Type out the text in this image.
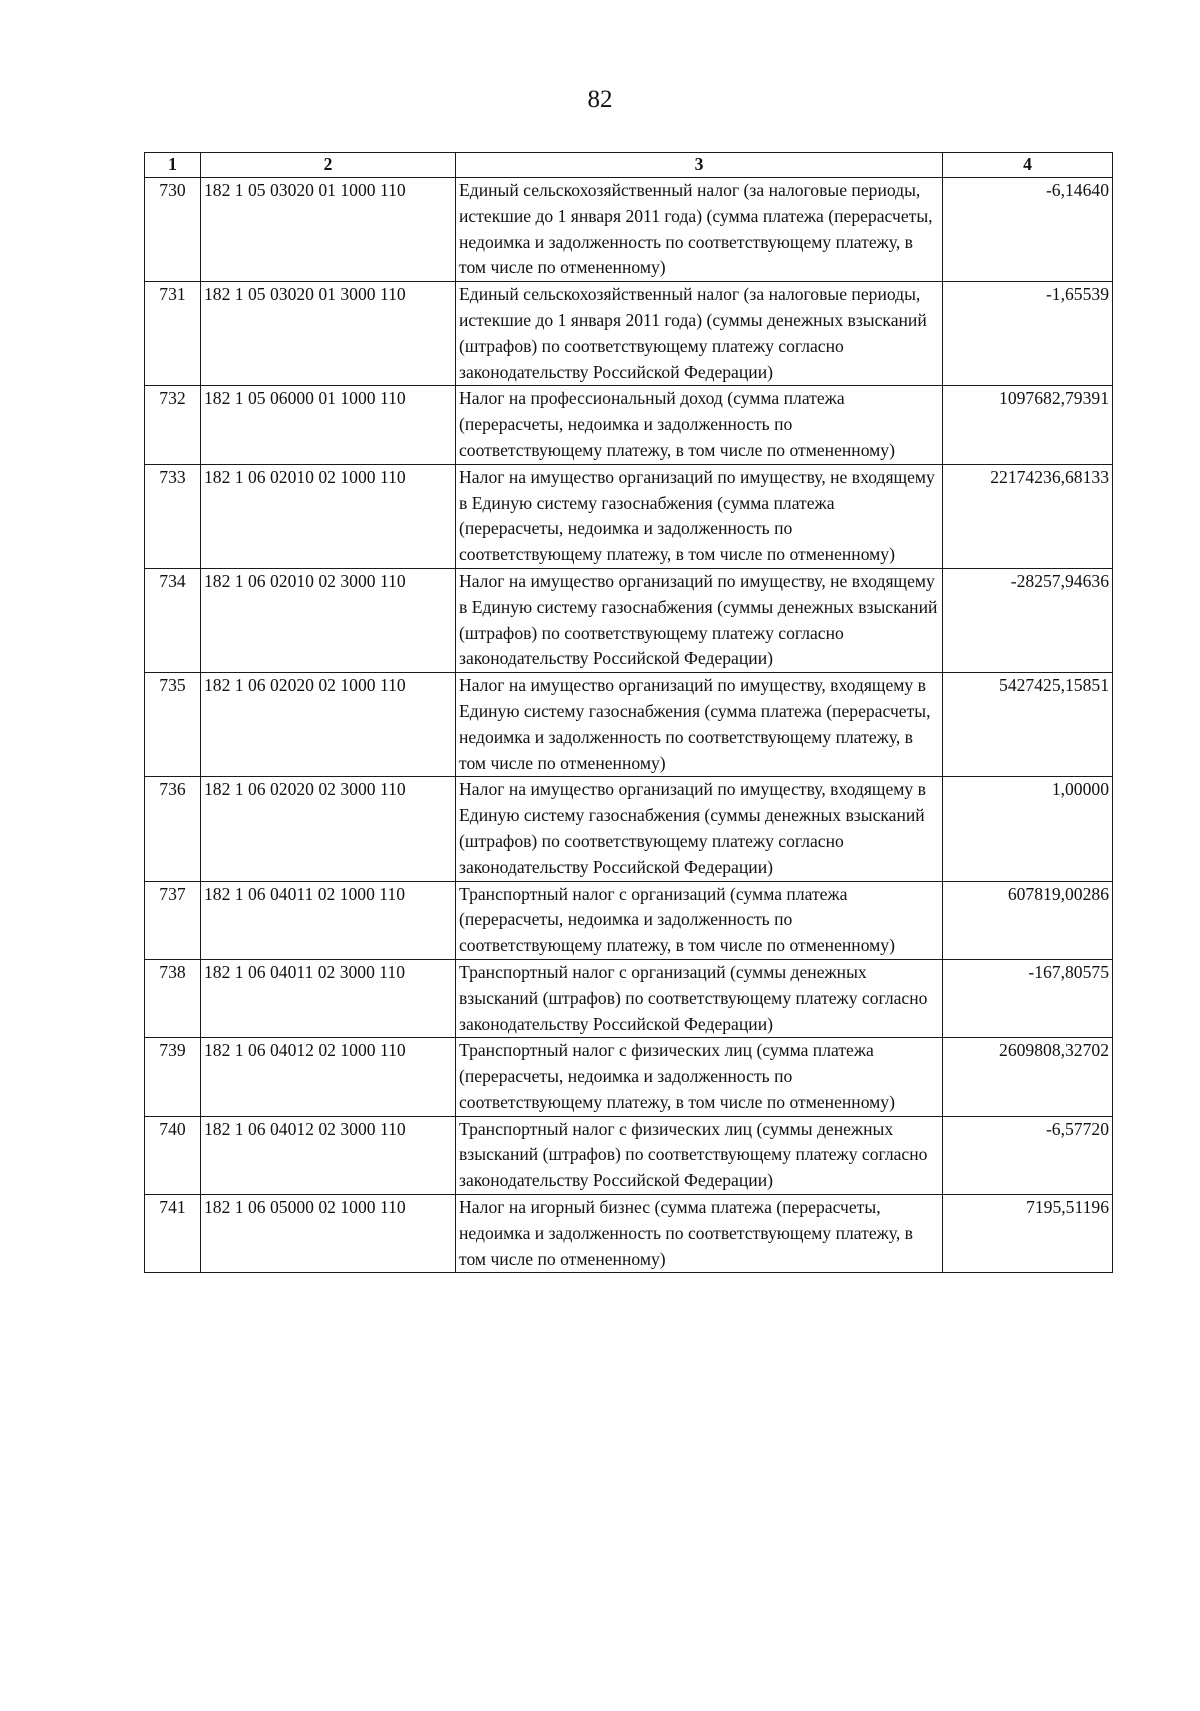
82
1	2	3	4
730	182 1 05 03020 01 1000 110	Единый сельскохозяйственный налог (за налоговые периоды, истекшие до 1 января 2011 года) (сумма платежа (перерасчеты, недоимка и задолженность по соответствующему платежу, в том числе по отмененному)	-6,14640
731	182 1 05 03020 01 3000 110	Единый сельскохозяйственный налог (за налоговые периоды, истекшие до 1 января 2011 года) (суммы денежных взысканий (штрафов) по соответствующему платежу согласно законодательству Российской Федерации)	-1,65539
732	182 1 05 06000 01 1000 110	Налог на профессиональный доход (сумма платежа (перерасчеты, недоимка и задолженность по соответствующему платежу, в том числе по отмененному)	1097682,79391
733	182 1 06 02010 02 1000 110	Налог на имущество организаций по имуществу, не входящему в Единую систему газоснабжения (сумма платежа (перерасчеты, недоимка и задолженность по соответствующему платежу, в том числе по отмененному)	22174236,68133
734	182 1 06 02010 02 3000 110	Налог на имущество организаций по имуществу, не входящему в Единую систему газоснабжения (суммы денежных взысканий (штрафов) по соответствующему платежу согласно законодательству Российской Федерации)	-28257,94636
735	182 1 06 02020 02 1000 110	Налог на имущество организаций по имуществу, входящему в Единую систему газоснабжения (сумма платежа (перерасчеты, недоимка и задолженность по соответствующему платежу, в том числе по отмененному)	5427425,15851
736	182 1 06 02020 02 3000 110	Налог на имущество организаций по имуществу, входящему в Единую систему газоснабжения (суммы денежных взысканий (штрафов) по соответствующему платежу согласно законодательству Российской Федерации)	1,00000
737	182 1 06 04011 02 1000 110	Транспортный налог с организаций (сумма платежа (перерасчеты, недоимка и задолженность по соответствующему платежу, в том числе по отмененному)	607819,00286
738	182 1 06 04011 02 3000 110	Транспортный налог с организаций (суммы денежных взысканий (штрафов) по соответствующему платежу согласно законодательству Российской Федерации)	-167,80575
739	182 1 06 04012 02 1000 110	Транспортный налог с физических лиц (сумма платежа (перерасчеты, недоимка и задолженность по соответствующему платежу, в том числе по отмененному)	2609808,32702
740	182 1 06 04012 02 3000 110	Транспортный налог с физических лиц (суммы денежных взысканий (штрафов) по соответствующему платежу согласно законодательству Российской Федерации)	-6,57720
741	182 1 06 05000 02 1000 110	Налог на игорный бизнес (сумма платежа (перерасчеты, недоимка и задолженность по соответствующему платежу, в том числе по отмененному)	7195,51196
